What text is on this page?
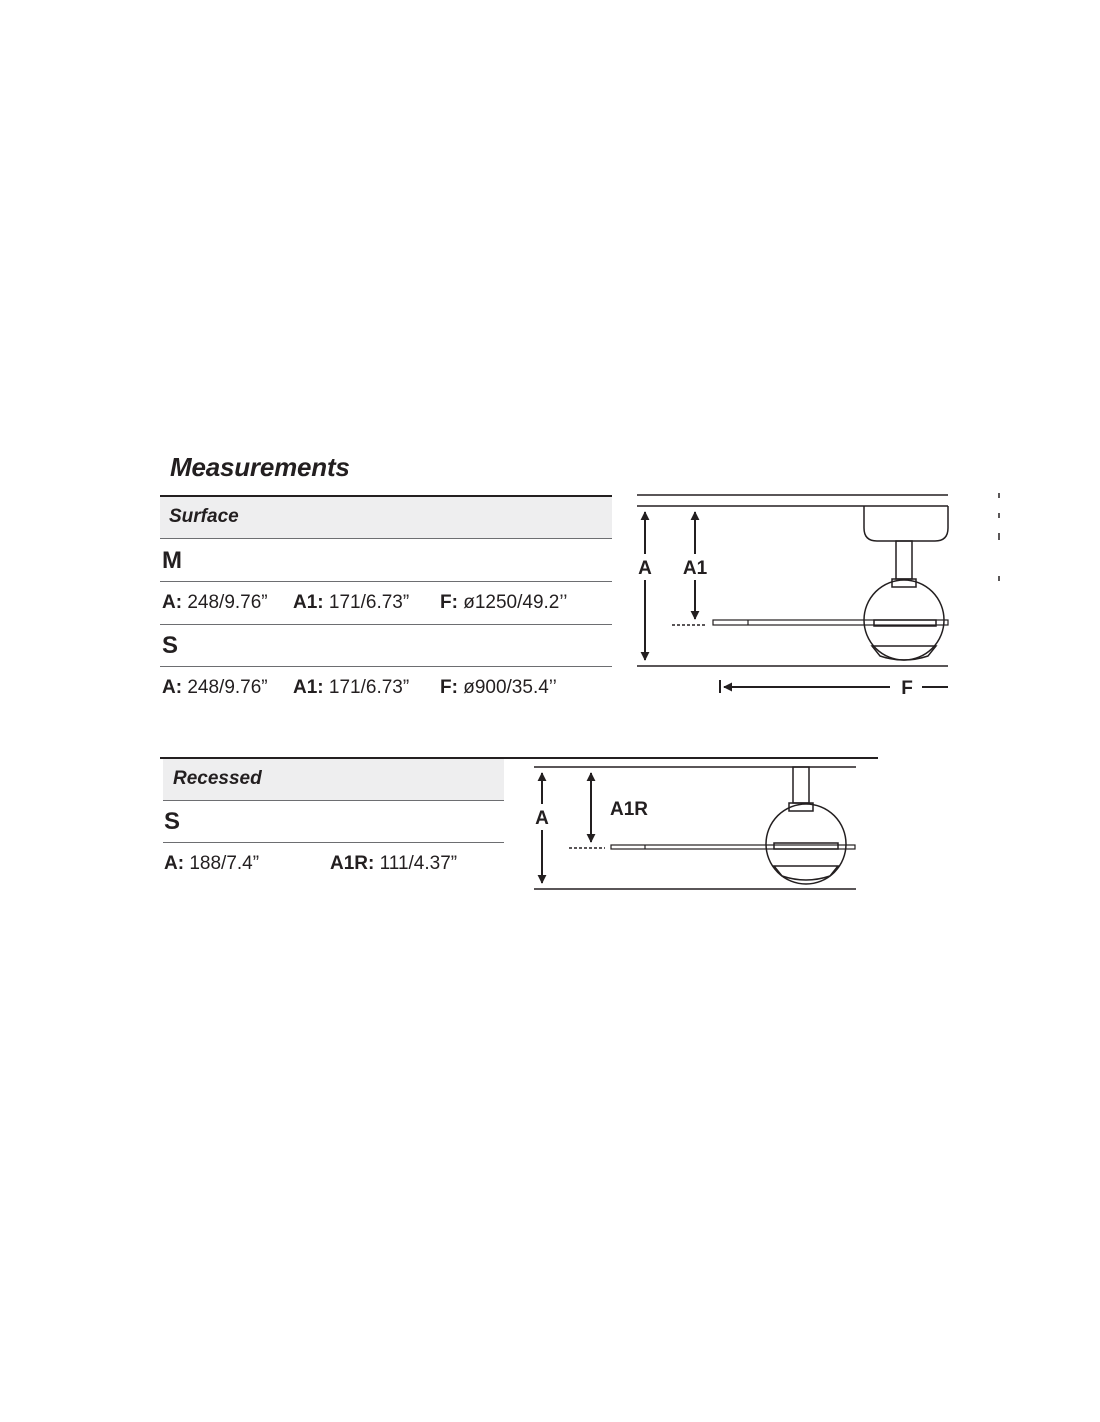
Measurements
Surface
M
A: 248/9.76” A1: 171/6.73” F: ø1250/49.2’’
S
A: 248/9.76” A1: 171/6.73” F: ø900/35.4’’
Recessed
S
A: 188/7.4”	A1R: 111/4.37”
A A1
F
A	A1R
